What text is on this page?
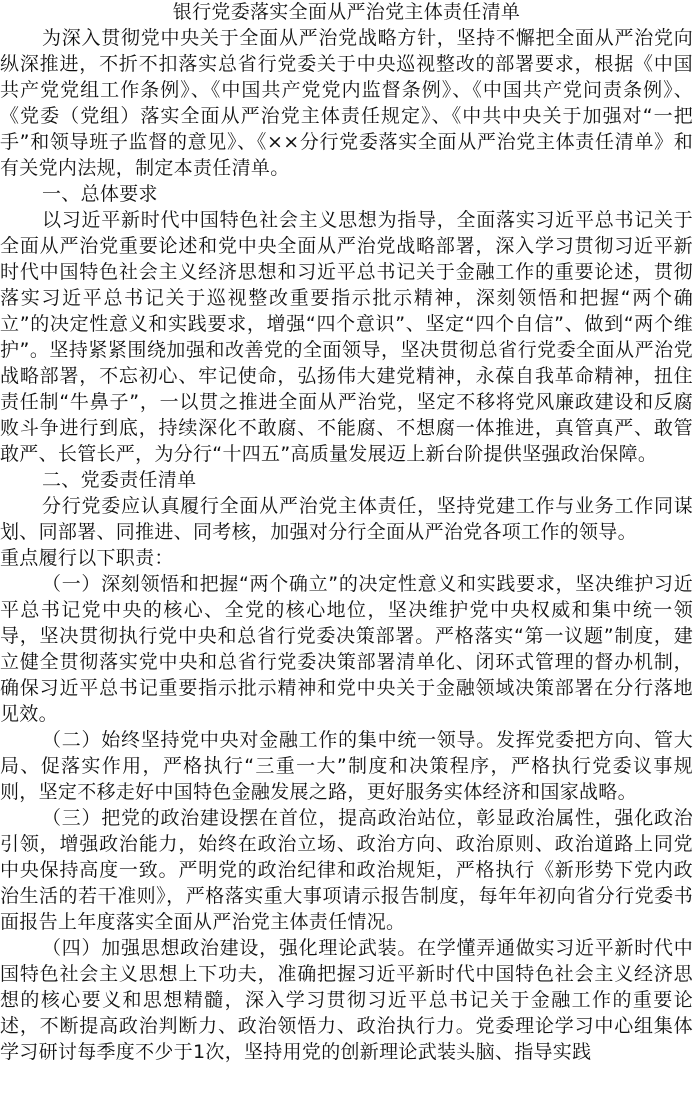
银行党委落实全面从严治党主体责任清单

为深入贯彻党中央关于全面从严治党战略方针，坚持不懈把全面从严治党向纵深推进，不折不扣落实总省行党委关于中央巡视整改的部署要求，根据《中国共产党党组工作条例》、《中国共产党党内监督条例》、《中国共产党问责条例》、《党委（党组）落实全面从严治党主体责任规定》、《中共中央关于加强对“一把手”和领导班子监督的意见》、《××分行党委落实全面从严治党主体责任清单》和有关党内法规，制定本责任清单。

一、总体要求

以习近平新时代中国特色社会主义思想为指导，全面落实习近平总书记关于全面从严治党重要论述和党中央全面从严治党战略部署，深入学习贯彻习近平新时代中国特色社会主义经济思想和习近平总书记关于金融工作的重要论述，贯彻落实习近平总书记关于巡视整改重要指示批示精神，深刻领悟和把握“两个确立”的决定性意义和实践要求，增强“四个意识”、坚定“四个自信”、做到“两个维护”。坚持紧紧围绕加强和改善党的全面领导，坚决贯彻总省行党委全面从严治党战略部署，不忘初心、牢记使命，弘扬伟大建党精神，永葆自我革命精神，扭住责任制“牛鼻子”，一以贯之推进全面从严治党，坚定不移将党风廉政建设和反腐败斗争进行到底，持续深化不敢腐、不能腐、不想腐一体推进，真管真严、敢管敢严、长管长严，为分行“十四五”高质量发展迈上新台阶提供坚强政治保障。

二、党委责任清单

分行党委应认真履行全面从严治党主体责任，坚持党建工作与业务工作同谋划、同部署、同推进、同考核，加强对分行全面从严治党各项工作的领导。

重点履行以下职责：

（一）深刻领悟和把握“两个确立”的决定性意义和实践要求，坚决维护习近平总书记党中央的核心、全党的核心地位，坚决维护党中央权威和集中统一领导，坚决贯彻执行党中央和总省行党委决策部署。严格落实“第一议题”制度，建立健全贯彻落实党中央和总省行党委决策部署清单化、闭环式管理的督办机制，确保习近平总书记重要指示批示精神和党中央关于金融领域决策部署在分行落地见效。

（二）始终坚持党中央对金融工作的集中统一领导。发挥党委把方向、管大局、促落实作用，严格执行“三重一大”制度和决策程序，严格执行党委议事规则，坚定不移走好中国特色金融发展之路，更好服务实体经济和国家战略。

（三）把党的政治建设摆在首位，提高政治站位，彰显政治属性，强化政治引领，增强政治能力，始终在政治立场、政治方向、政治原则、政治道路上同党中央保持高度一致。严明党的政治纪律和政治规矩，严格执行《新形势下党内政治生活的若干准则》，严格落实重大事项请示报告制度，每年年初向省分行党委书面报告上年度落实全面从严治党主体责任情况。

（四）加强思想政治建设，强化理论武装。在学懂弄通做实习近平新时代中国特色社会主义思想上下功夫，准确把握习近平新时代中国特色社会主义经济思想的核心要义和思想精髓，深入学习贯彻习近平总书记关于金融工作的重要论述，不断提高政治判断力、政治领悟力、政治执行力。党委理论学习中心组集体学习研讨每季度不少于1次，坚持用党的创新理论武装头脑、指导实践
